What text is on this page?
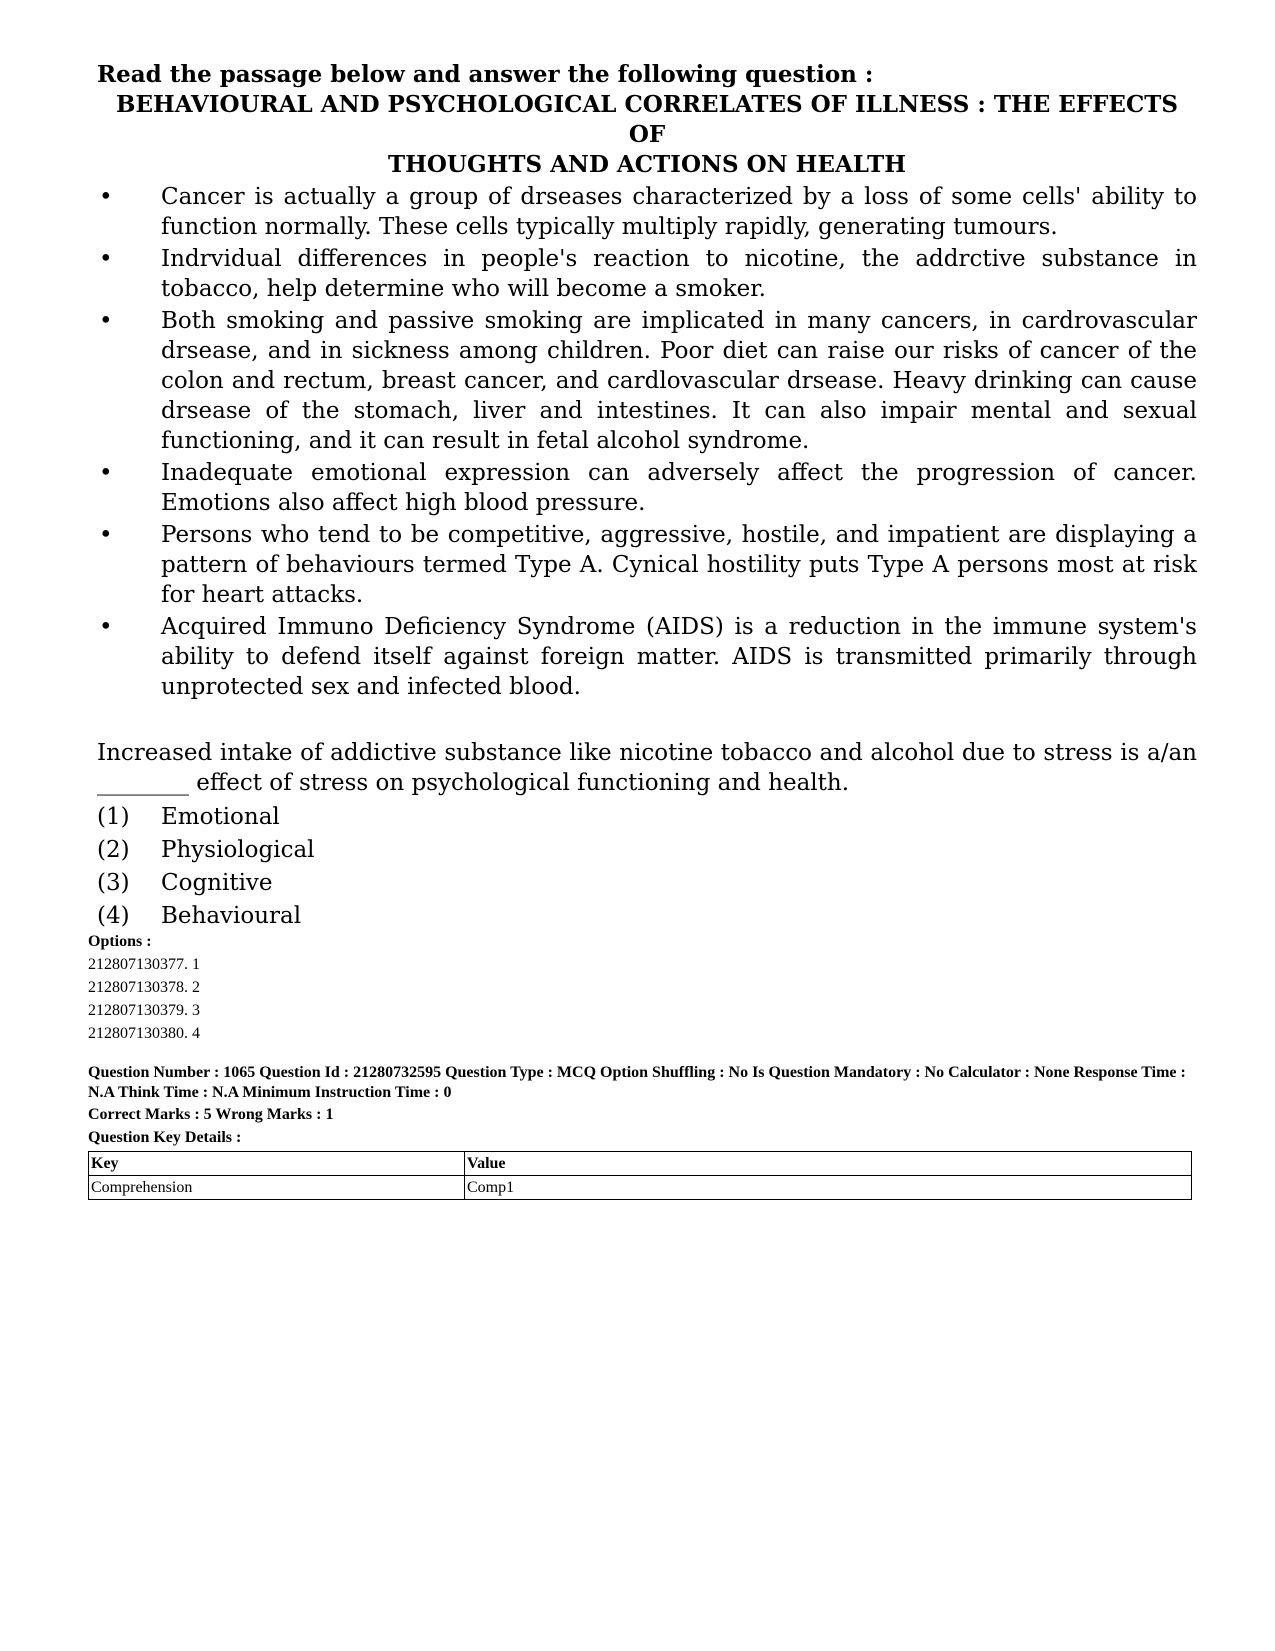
Read the passage below and answer the following question :

BEHAVIOURAL AND PSYCHOLOGICAL CORRELATES OF ILLNESS : THE EFFECTS OF
THOUGHTS AND ACTIONS ON HEALTH

• Cancer is actually a group of drseases characterized by a loss of some cells' ability to function normally. These cells typically multiply rapidly, generating tumours.
• Indrvidual differences in people's reaction to nicotine, the addrctive substance in tobacco, help determine who will become a smoker.
• Both smoking and passive smoking are implicated in many cancers, in cardrovascular drsease, and in sickness among children. Poor diet can raise our risks of cancer of the colon and rectum, breast cancer, and cardlovascular drsease. Heavy drinking can cause drsease of the stomach, liver and intestines. It can also impair mental and sexual functioning, and it can result in fetal alcohol syndrome.
• Inadequate emotional expression can adversely affect the progression of cancer. Emotions also affect high blood pressure.
• Persons who tend to be competitive, aggressive, hostile, and impatient are displaying a pattern of behaviours termed Type A. Cynical hostility puts Type A persons most at risk for heart attacks.
• Acquired Immuno Deficiency Syndrome (AIDS) is a reduction in the immune system's ability to defend itself against foreign matter. AIDS is transmitted primarily through unprotected sex and infected blood.

Increased intake of addictive substance like nicotine tobacco and alcohol due to stress is a/an ________ effect of stress on psychological functioning and health.

(1)	Emotional
(2)	Physiological
(3)	Cognitive
(4)	Behavioural
Options :
212807130377. 1
212807130378. 2
212807130379. 3
212807130380. 4
Question Number : 1065 Question Id : 21280732595 Question Type : MCQ Option Shuffling : No Is Question Mandatory : No Calculator : None Response Time : N.A Think Time : N.A Minimum Instruction Time : 0
Correct Marks : 5 Wrong Marks : 1
Question Key Details :
Key	Value
Comprehension	Comp1
